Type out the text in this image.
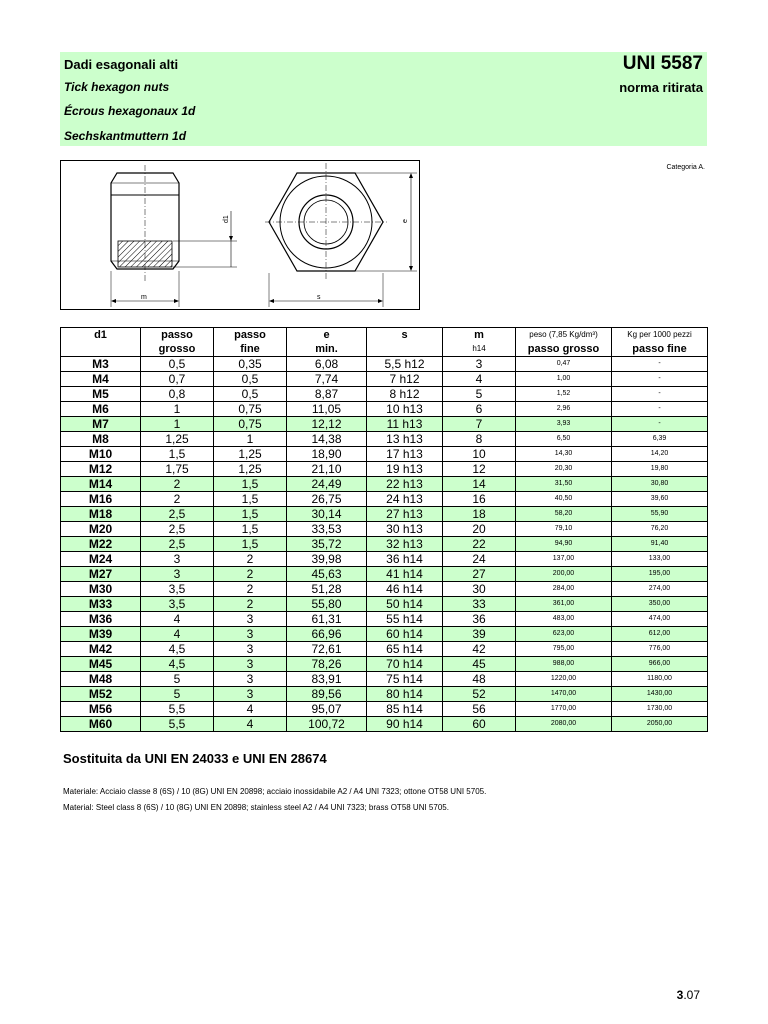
Dadi esagonali alti	UNI 5587
Tick hexagon nuts	norma ritirata
Écrous hexagonaux 1d
Sechskantmuttern 1d
Categoria A.
m
d1
s
e
d1	passo	passo	e	s	m	peso (7,85 Kg/dm³)	Kg per 1000 pezzi
	grosso	fine	min.		h14	passo grosso	passo fine
M3	0,5	0,35	6,08	5,5 h12	3	0,47	-
M4	0,7	0,5	7,74	7 h12	4	1,00	-
M5	0,8	0,5	8,87	8 h12	5	1,52	-
M6	1	0,75	11,05	10 h13	6	2,96	-
M7	1	0,75	12,12	11 h13	7	3,93	-
M8	1,25	1	14,38	13 h13	8	6,50	6,39
M10	1,5	1,25	18,90	17 h13	10	14,30	14,20
M12	1,75	1,25	21,10	19 h13	12	20,30	19,80
M14	2	1,5	24,49	22 h13	14	31,50	30,80
M16	2	1,5	26,75	24 h13	16	40,50	39,60
M18	2,5	1,5	30,14	27 h13	18	58,20	55,90
M20	2,5	1,5	33,53	30 h13	20	79,10	76,20
M22	2,5	1,5	35,72	32 h13	22	94,90	91,40
M24	3	2	39,98	36 h14	24	137,00	133,00
M27	3	2	45,63	41 h14	27	200,00	195,00
M30	3,5	2	51,28	46 h14	30	284,00	274,00
M33	3,5	2	55,80	50 h14	33	361,00	350,00
M36	4	3	61,31	55 h14	36	483,00	474,00
M39	4	3	66,96	60 h14	39	623,00	612,00
M42	4,5	3	72,61	65 h14	42	795,00	776,00
M45	4,5	3	78,26	70 h14	45	988,00	966,00
M48	5	3	83,91	75 h14	48	1220,00	1180,00
M52	5	3	89,56	80 h14	52	1470,00	1430,00
M56	5,5	4	95,07	85 h14	56	1770,00	1730,00
M60	5,5	4	100,72	90 h14	60	2080,00	2050,00
Sostituita da UNI EN 24033 e UNI EN 28674
Materiale: Acciaio classe 8 (6S) / 10 (8G) UNI EN 20898; acciaio inossidabile A2 / A4 UNI 7323; ottone OT58 UNI 5705.
Material: Steel class 8 (6S) / 10 (8G) UNI EN 20898; stainless steel A2 / A4 UNI 7323; brass OT58 UNI 5705.
3.07
